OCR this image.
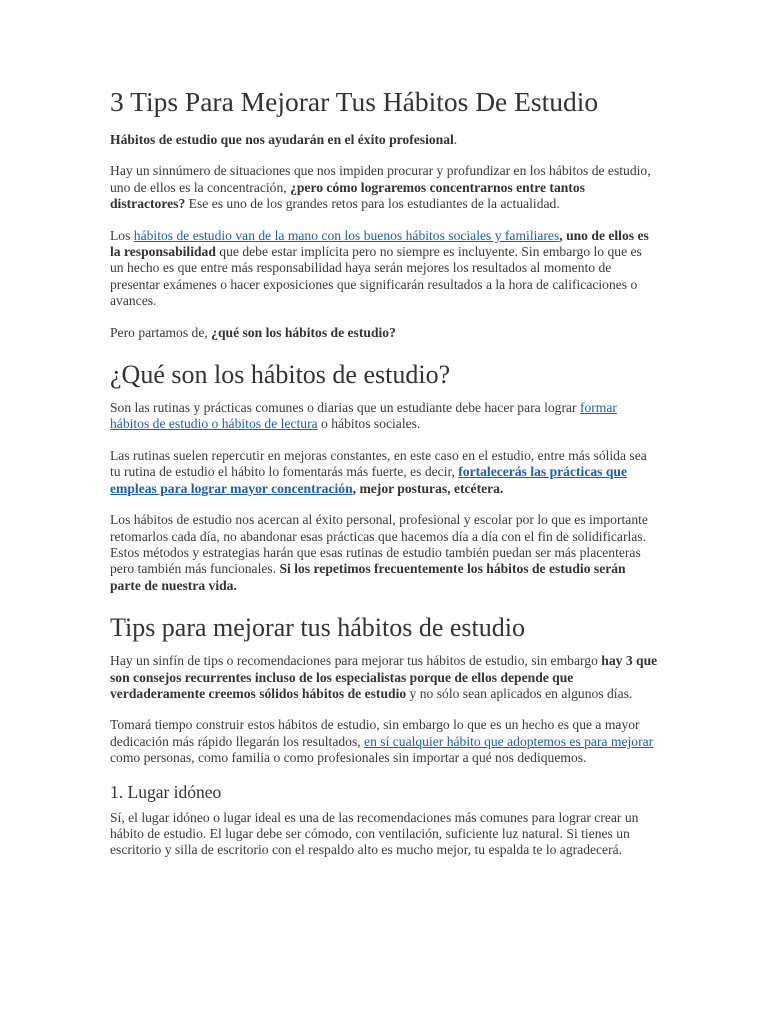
3 Tips Para Mejorar Tus Hábitos De Estudio

Hábitos de estudio que nos ayudarán en el éxito profesional.

Hay un sinnúmero de situaciones que nos impiden procurar y profundizar en los hábitos de estudio, uno de ellos es la concentración, ¿pero cómo lograremos concentrarnos entre tantos distractores? Ese es uno de los grandes retos para los estudiantes de la actualidad.

Los hábitos de estudio van de la mano con los buenos hábitos sociales y familiares, uno de ellos es la responsabilidad que debe estar implícita pero no siempre es incluyente. Sin embargo lo que es un hecho es que entre más responsabilidad haya serán mejores los resultados al momento de presentar exámenes o hacer exposiciones que significarán resultados a la hora de calificaciones o avances.

Pero partamos de, ¿qué son los hábitos de estudio?

¿Qué son los hábitos de estudio?

Son las rutinas y prácticas comunes o diarias que un estudiante debe hacer para lograr formar hábitos de estudio o hábitos de lectura o hábitos sociales.

Las rutinas suelen repercutir en mejoras constantes, en este caso en el estudio, entre más sólida sea tu rutina de estudio el hábito lo fomentarás más fuerte, es decir, fortalecerás las prácticas que empleas para lograr mayor concentración, mejor posturas, etcétera.

Los hábitos de estudio nos acercan al éxito personal, profesional y escolar por lo que es importante retomarlos cada día, no abandonar esas prácticas que hacemos día a día con el fin de solidificarlas. Estos métodos y estrategias harán que esas rutinas de estudio también puedan ser más placenteras pero también más funcionales. Si los repetimos frecuentemente los hábitos de estudio serán parte de nuestra vida.

Tips para mejorar tus hábitos de estudio

Hay un sinfín de tips o recomendaciones para mejorar tus hábitos de estudio, sin embargo hay 3 que son consejos recurrentes incluso de los especialistas porque de ellos depende que verdaderamente creemos sólidos hábitos de estudio y no sólo sean aplicados en algunos días.

Tomará tiempo construir estos hábitos de estudio, sin embargo lo que es un hecho es que a mayor dedicación más rápido llegarán los resultados, en sí cualquier hábito que adoptemos es para mejorar como personas, como familia o como profesionales sin importar a qué nos dediquemos.

1. Lugar idóneo

Sí, el lugar idóneo o lugar ideal es una de las recomendaciones más comunes para lograr crear un hábito de estudio. El lugar debe ser cómodo, con ventilación, suficiente luz natural. Si tienes un escritorio y silla de escritorio con el respaldo alto es mucho mejor, tu espalda te lo agradecerá.
